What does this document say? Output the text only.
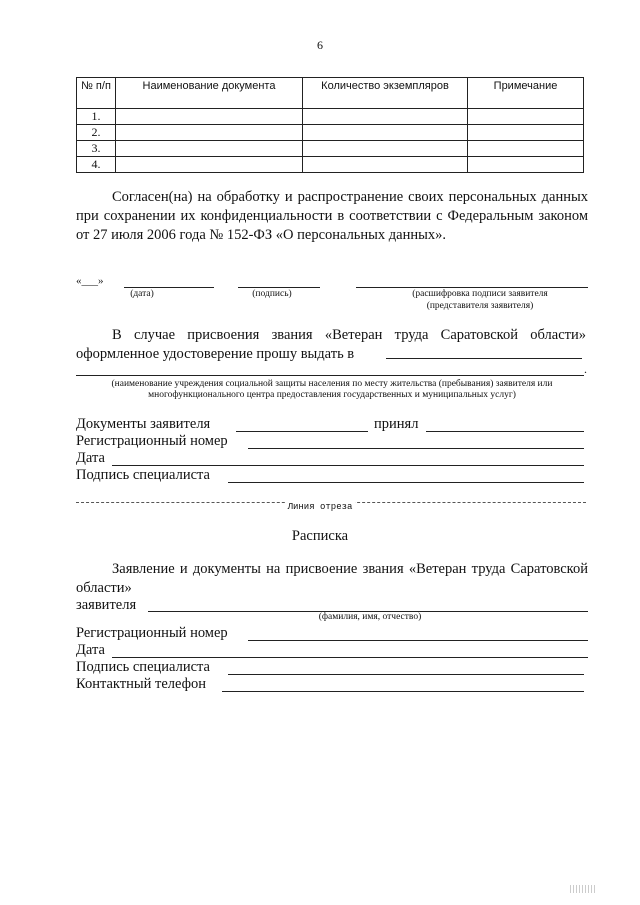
6
№ п/п	Наименование документа	Количество экземпляров	Примечание
1.			
2.			
3.			
4.			
Согласен(на) на обработку и распространение своих персональных данных при сохранении их конфиденциальности в соответствии с Федеральным законом от 27 июля 2006 года № 152-ФЗ «О персональных данных».
«___»
(дата)	(подпись)	(расшифровка подписи заявителя
(представителя заявителя)
В случае присвоения звания «Ветеран труда Саратовской области» оформленное удостоверение прошу выдать в
.
(наименование учреждения социальной защиты населения по месту жительства (пребывания) заявителя или многофункционального центра предоставления государственных и муниципальных услуг)
Документы заявителя	принял
Регистрационный номер
Дата
Подпись специалиста
Линия отреза
Расписка
Заявление и документы на присвоение звания «Ветеран труда Саратовской области»
заявителя
(фамилия, имя, отчество)
Регистрационный номер
Дата
Подпись специалиста
Контактный телефон
